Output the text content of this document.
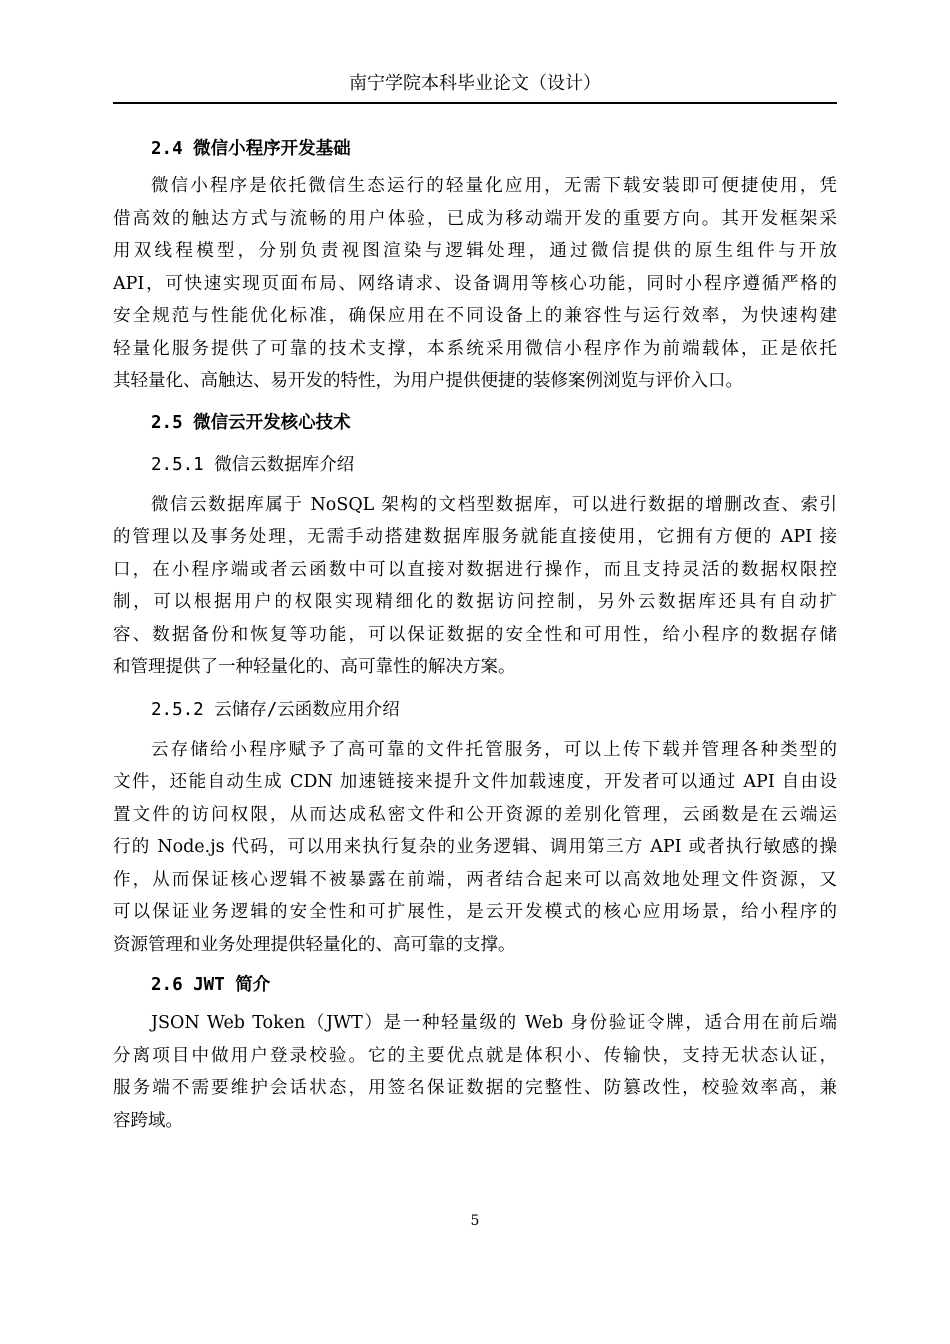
南宁学院本科毕业论文（设计）
2.4 微信小程序开发基础
微信小程序是依托微信生态运行的轻量化应用，无需下载安装即可便捷使用，凭
借高效的触达方式与流畅的用户体验，已成为移动端开发的重要方向。其开发框架采
用双线程模型，分别负责视图渲染与逻辑处理，通过微信提供的原生组件与开放
API，可快速实现页面布局、网络请求、设备调用等核心功能，同时小程序遵循严格的
安全规范与性能优化标准，确保应用在不同设备上的兼容性与运行效率，为快速构建
轻量化服务提供了可靠的技术支撑，本系统采用微信小程序作为前端载体，正是依托
其轻量化、高触达、易开发的特性，为用户提供便捷的装修案例浏览与评价入口。
2.5 微信云开发核心技术
2.5.1 微信云数据库介绍
微信云数据库属于 NoSQL 架构的文档型数据库，可以进行数据的增删改查、索引
的管理以及事务处理，无需手动搭建数据库服务就能直接使用，它拥有方便的 API 接
口，在小程序端或者云函数中可以直接对数据进行操作，而且支持灵活的数据权限控
制，可以根据用户的权限实现精细化的数据访问控制，另外云数据库还具有自动扩
容、数据备份和恢复等功能，可以保证数据的安全性和可用性，给小程序的数据存储
和管理提供了一种轻量化的、高可靠性的解决方案。
2.5.2 云储存/云函数应用介绍
云存储给小程序赋予了高可靠的文件托管服务，可以上传下载并管理各种类型的
文件，还能自动生成 CDN 加速链接来提升文件加载速度，开发者可以通过 API 自由设
置文件的访问权限，从而达成私密文件和公开资源的差别化管理，云函数是在云端运
行的 Node.js 代码，可以用来执行复杂的业务逻辑、调用第三方 API 或者执行敏感的操
作，从而保证核心逻辑不被暴露在前端，两者结合起来可以高效地处理文件资源，又
可以保证业务逻辑的安全性和可扩展性，是云开发模式的核心应用场景，给小程序的
资源管理和业务处理提供轻量化的、高可靠的支撑。
2.6 JWT 简介
JSON Web Token（JWT）是一种轻量级的 Web 身份验证令牌，适合用在前后端
分离项目中做用户登录校验。它的主要优点就是体积小、传输快，支持无状态认证，
服务端不需要维护会话状态，用签名保证数据的完整性、防篡改性，校验效率高，兼
容跨域。
5
